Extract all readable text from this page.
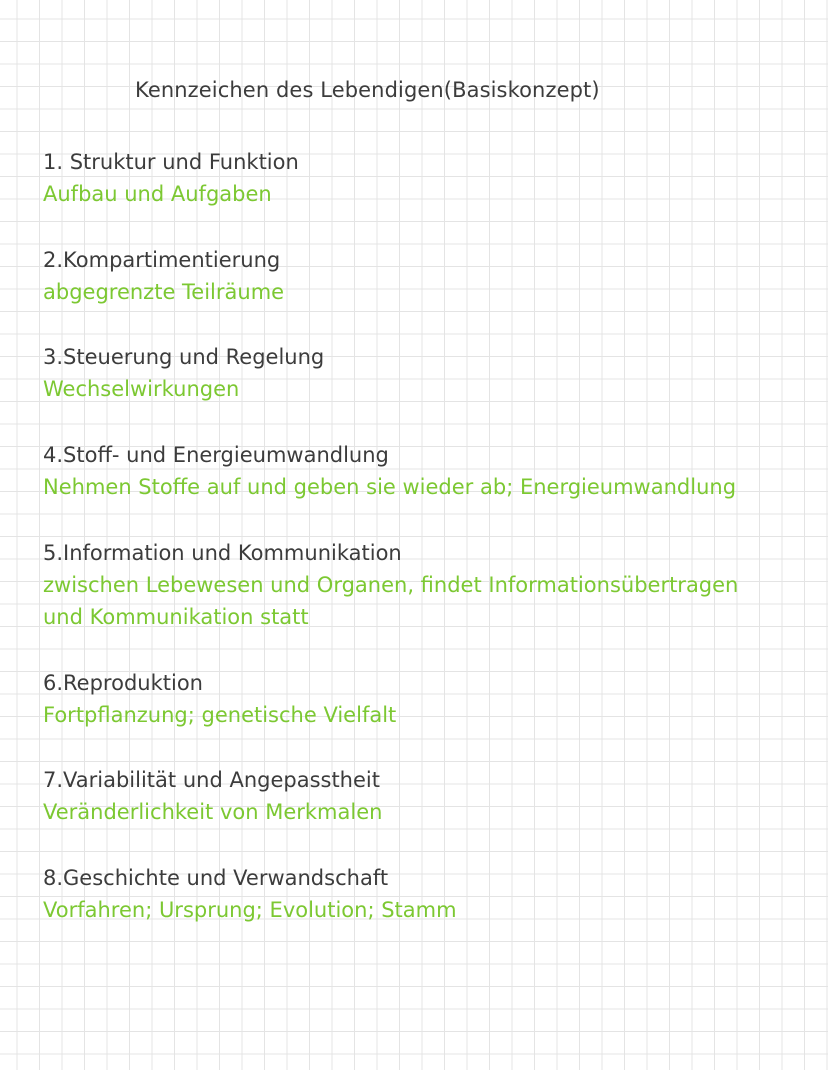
Kennzeichen des Lebendigen(Basiskonzept)
1. Struktur und Funktion
Aufbau und Aufgaben
2.Kompartimentierung
abgegrenzte Teilräume
3.Steuerung und Regelung
Wechselwirkungen
4.Stoff- und Energieumwandlung
Nehmen Stoffe auf und geben sie wieder ab; Energieumwandlung
5.Information und Kommunikation
zwischen Lebewesen und Organen, findet Informationsübertragen und Kommunikation statt
6.Reproduktion
Fortpflanzung; genetische Vielfalt
7.Variabilität und Angepasstheit
Veränderlichkeit von Merkmalen
8.Geschichte und Verwandschaft
Vorfahren; Ursprung; Evolution; Stamm
